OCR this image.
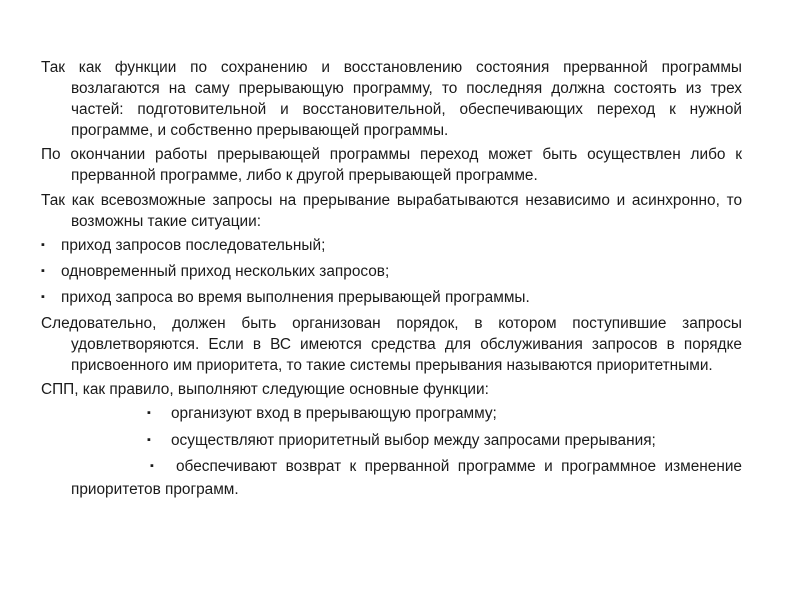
Так как функции по сохранению и восстановлению состояния прерванной программы возлагаются на саму прерывающую программу, то последняя должна состоять из трех частей: подготовительной и восстановительной, обеспечивающих переход к нужной программе, и собственно прерывающей программы.

По окончании работы прерывающей программы переход может быть осуществлен либо к прерванной программе, либо к другой прерывающей программе.

Так как всевозможные запросы на прерывание вырабатываются независимо и асинхронно, то возможны такие ситуации:

▪	приход запросов последовательный;
▪	одновременный приход нескольких запросов;
▪	приход запроса во время выполнения прерывающей программы.

Следовательно, должен быть организован порядок, в котором поступившие запросы удовлетворяются. Если в ВС имеются средства для обслуживания запросов в порядке присвоенного им приоритета, то такие системы прерывания называются приоритетными.

СПП, как правило, выполняют следующие основные функции:

▪	организуют вход в прерывающую программу;
▪	осуществляют приоритетный выбор между запросами прерывания;

▪ обеспечивают возврат к прерванной программе и программное изменение приоритетов программ.
